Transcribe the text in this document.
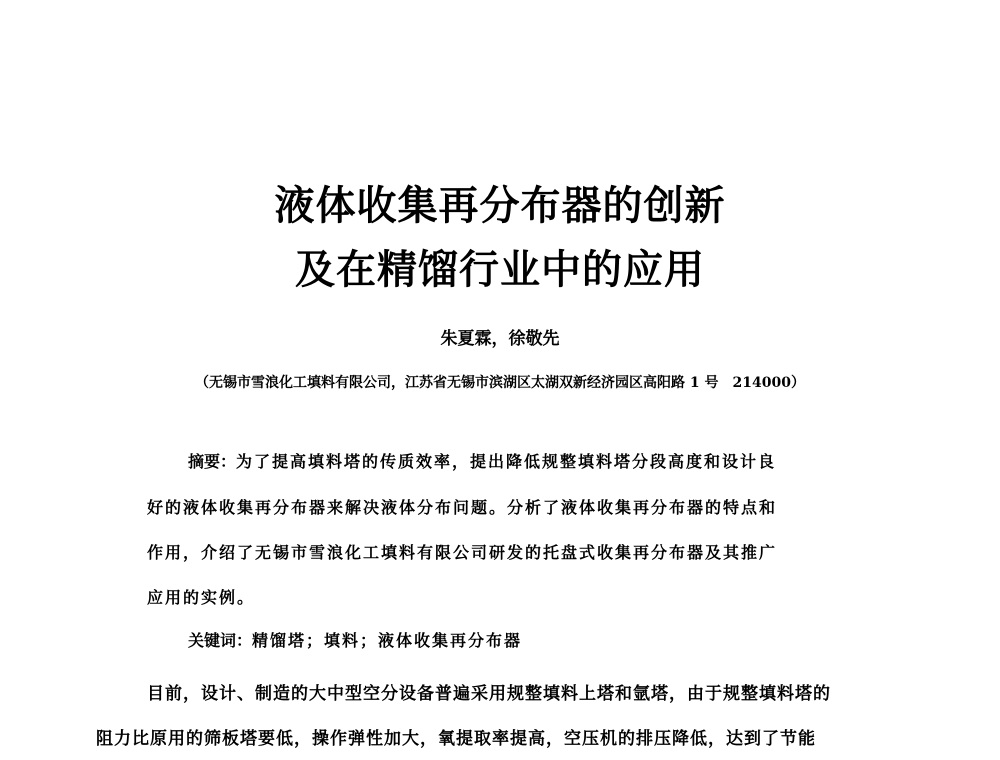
液体收集再分布器的创新
及在精馏行业中的应用
朱夏霖，徐敬先
（无锡市雪浪化工填料有限公司，江苏省无锡市滨湖区太湖双新经济园区高阳路 1 号　214000）
摘要：为了提高填料塔的传质效率，提出降低规整填料塔分段高度和设计良
好的液体收集再分布器来解决液体分布问题。分析了液体收集再分布器的特点和
作用，介绍了无锡市雪浪化工填料有限公司研发的托盘式收集再分布器及其推广
应用的实例。
关键词：精馏塔；填料；液体收集再分布器
目前，设计、制造的大中型空分设备普遍采用规整填料上塔和氩塔，由于规整填料塔的
阻力比原用的筛板塔要低，操作弹性加大，氧提取率提高，空压机的排压降低，达到了节能
